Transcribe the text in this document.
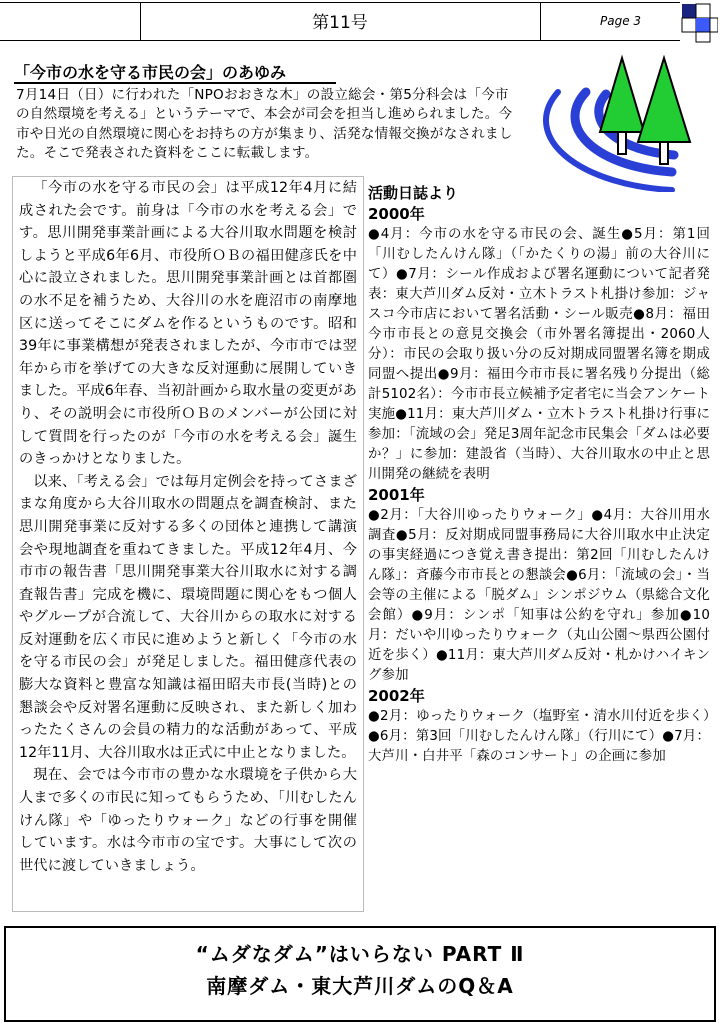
第11号	Page 3
「今市の水を守る市民の会」のあゆみ
7月14日（日）に行われた「NPOおおきな木」の設立総会・第5分科会は「今市の自然環境を考える」というテーマで、本会が司会を担当し進められました。今市や日光の自然環境に関心をお持ちの方が集まり、活発な情報交換がなされました。そこで発表された資料をここに転載します。

「今市の水を守る市民の会」は平成12年4月に結成された会です。前身は「今市の水を考える会」です。思川開発事業計画による大谷川取水問題を検討しようと平成6年6月、市役所ＯＢの福田健彦氏を中心に設立されました。思川開発事業計画とは首都圏の水不足を補うため、大谷川の水を鹿沼市の南摩地区に送ってそこにダムを作るというものです。昭和39年に事業構想が発表されましたが、今市市では翌年から市を挙げての大きな反対運動に展開していきました。平成6年春、当初計画から取水量の変更があり、その説明会に市役所ＯＢのメンバーが公団に対して質問を行ったのが「今市の水を考える会」誕生のきっかけとなりました。

以来、「考える会」では毎月定例会を持ってさまざまな角度から大谷川取水の問題点を調査検討、また思川開発事業に反対する多くの団体と連携して講演会や現地調査を重ねてきました。平成12年4月、今市市の報告書「思川開発事業大谷川取水に対する調査報告書」完成を機に、環境問題に関心をもつ個人やグループが合流して、大谷川からの取水に対する反対運動を広く市民に進めようと新しく「今市の水を守る市民の会」が発足しました。福田健彦代表の膨大な資料と豊富な知識は福田昭夫市長(当時)との懇談会や反対署名運動に反映され、また新しく加わったたくさんの会員の精力的な活動があって、平成12年11月、大谷川取水は正式に中止となりました。

現在、会では今市市の豊かな水環境を子供から大人まで多くの市民に知ってもらうため、「川むしたんけん隊」や「ゆったりウォーク」などの行事を開催しています。水は今市市の宝です。大事にして次の世代に渡していきましょう。

活動日誌より
2000年
●4月：今市の水を守る市民の会、誕生●5月：第1回「川むしたんけん隊」（「かたくりの湯」前の大谷川にて）●7月：シール作成および署名運動について記者発表：東大芦川ダム反対・立木トラスト札掛け参加：ジャスコ今市店において署名活動・シール販売●8月：福田今市市長との意見交換会（市外署名簿提出・2060人分）：市民の会取り扱い分の反対期成同盟署名簿を期成同盟へ提出●9月：福田今市市長に署名残り分提出（総計5102名）：今市市長立候補予定者宅に当会アンケート実施●11月：東大芦川ダム・立木トラスト札掛け行事に参加：「流域の会」発足3周年記念市民集会「ダムは必要か？」に参加：建設省（当時）、大谷川取水の中止と思川開発の継続を表明
2001年
●2月：「大谷川ゆったりウォーク」●4月：大谷川用水調査●5月：反対期成同盟事務局に大谷川取水中止決定の事実経過につき覚え書き提出：第2回「川むしたんけん隊」：斉藤今市市長との懇談会●6月：「流域の会」・当会等の主催による「脱ダム」シンポジウム（県総合文化会館）●9月：シンポ「知事は公約を守れ」参加●10月：だいや川ゆったりウォーク（丸山公園～県西公園付近を歩く）●11月：東大芦川ダム反対・札かけハイキング参加
2002年
●2月：ゆったりウォーク（塩野室・清水川付近を歩く）●6月：第3回「川むしたんけん隊」（行川にて）●7月：大芦川・白井平「森のコンサート」の企画に参加
“ムダなダム”はいらない PART Ⅱ
南摩ダム・東大芦川ダムのQ＆A
